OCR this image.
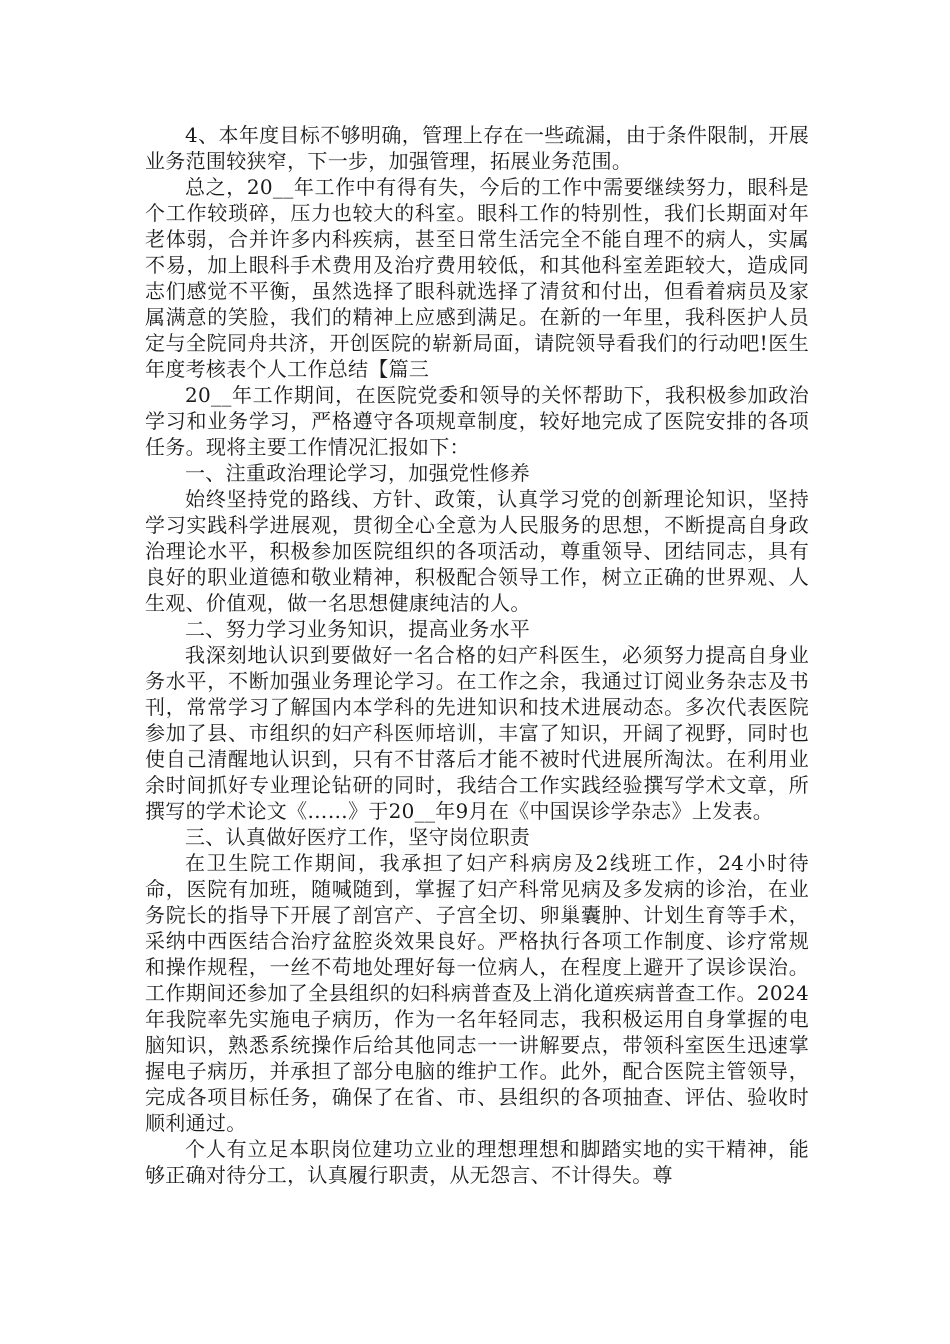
4、本年度目标不够明确，管理上存在一些疏漏，由于条件限制，开展业务范围较狭窄，下一步，加强管理，拓展业务范围。

总之，20__年工作中有得有失，今后的工作中需要继续努力，眼科是个工作较琐碎，压力也较大的科室。眼科工作的特别性，我们长期面对年老体弱，合并许多内科疾病，甚至日常生活完全不能自理不的病人，实属不易，加上眼科手术费用及治疗费用较低，和其他科室差距较大，造成同志们感觉不平衡，虽然选择了眼科就选择了清贫和付出，但看着病员及家属满意的笑脸，我们的精神上应感到满足。在新的一年里，我科医护人员定与全院同舟共济，开创医院的崭新局面，请院领导看我们的行动吧!医生年度考核表个人工作总结【篇三

20__年工作期间，在医院党委和领导的关怀帮助下，我积极参加政治学习和业务学习，严格遵守各项规章制度，较好地完成了医院安排的各项任务。现将主要工作情况汇报如下：

一、注重政治理论学习，加强党性修养

始终坚持党的路线、方针、政策，认真学习党的创新理论知识，坚持学习实践科学进展观，贯彻全心全意为人民服务的思想，不断提高自身政治理论水平，积极参加医院组织的各项活动，尊重领导、团结同志，具有良好的职业道德和敬业精神，积极配合领导工作，树立正确的世界观、人生观、价值观，做一名思想健康纯洁的人。

二、努力学习业务知识，提高业务水平

我深刻地认识到要做好一名合格的妇产科医生，必须努力提高自身业务水平，不断加强业务理论学习。在工作之余，我通过订阅业务杂志及书刊，常常学习了解国内本学科的先进知识和技术进展动态。多次代表医院参加了县、市组织的妇产科医师培训，丰富了知识，开阔了视野，同时也使自己清醒地认识到，只有不甘落后才能不被时代进展所淘汰。在利用业余时间抓好专业理论钻研的同时，我结合工作实践经验撰写学术文章，所撰写的学术论文《……》于20__年9月在《中国误诊学杂志》上发表。

三、认真做好医疗工作，坚守岗位职责

在卫生院工作期间，我承担了妇产科病房及2线班工作，24小时待命，医院有加班，随喊随到，掌握了妇产科常见病及多发病的诊治，在业务院长的指导下开展了剖宫产、子宫全切、卵巢囊肿、计划生育等手术，采纳中西医结合治疗盆腔炎效果良好。严格执行各项工作制度、诊疗常规和操作规程，一丝不苟地处理好每一位病人，在程度上避开了误诊误治。工作期间还参加了全县组织的妇科病普查及上消化道疾病普查工作。2024年我院率先实施电子病历，作为一名年轻同志，我积极运用自身掌握的电脑知识，熟悉系统操作后给其他同志一一讲解要点，带领科室医生迅速掌握电子病历，并承担了部分电脑的维护工作。此外，配合医院主管领导，完成各项目标任务，确保了在省、市、县组织的各项抽查、评估、验收时顺利通过。

个人有立足本职岗位建功立业的理想理想和脚踏实地的实干精神，能够正确对待分工，认真履行职责，从无怨言、不计得失。尊
